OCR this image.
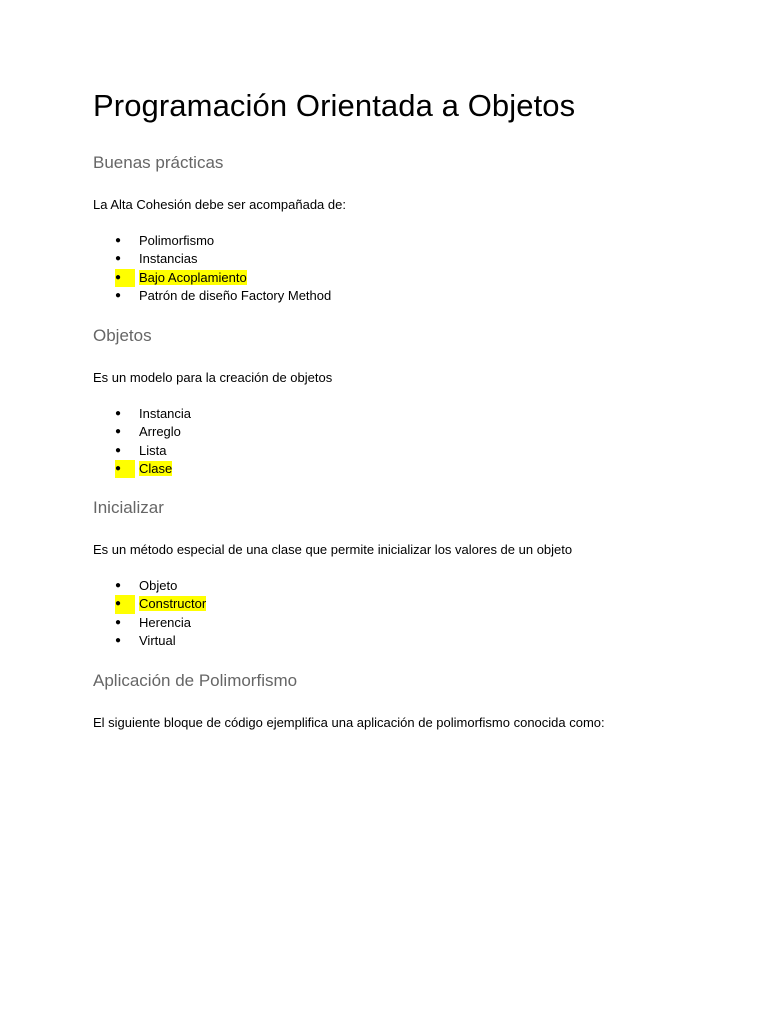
Programación Orientada a Objetos
Buenas prácticas

La Alta Cohesión debe ser acompañada de:

● Polimorfismo
● Instancias
●	Bajo Acoplamiento
● Patrón de diseño Factory Method
Objetos

Es un modelo para la creación de objetos

● Instancia
● Arreglo
● Lista
●	Clase
Inicializar

Es un método especial de una clase que permite inicializar los valores de un objeto

● Objeto
●	Constructor
● Herencia
● Virtual
Aplicación de Polimorfismo

El siguiente bloque de código ejemplifica una aplicación de polimorfismo conocida como:
